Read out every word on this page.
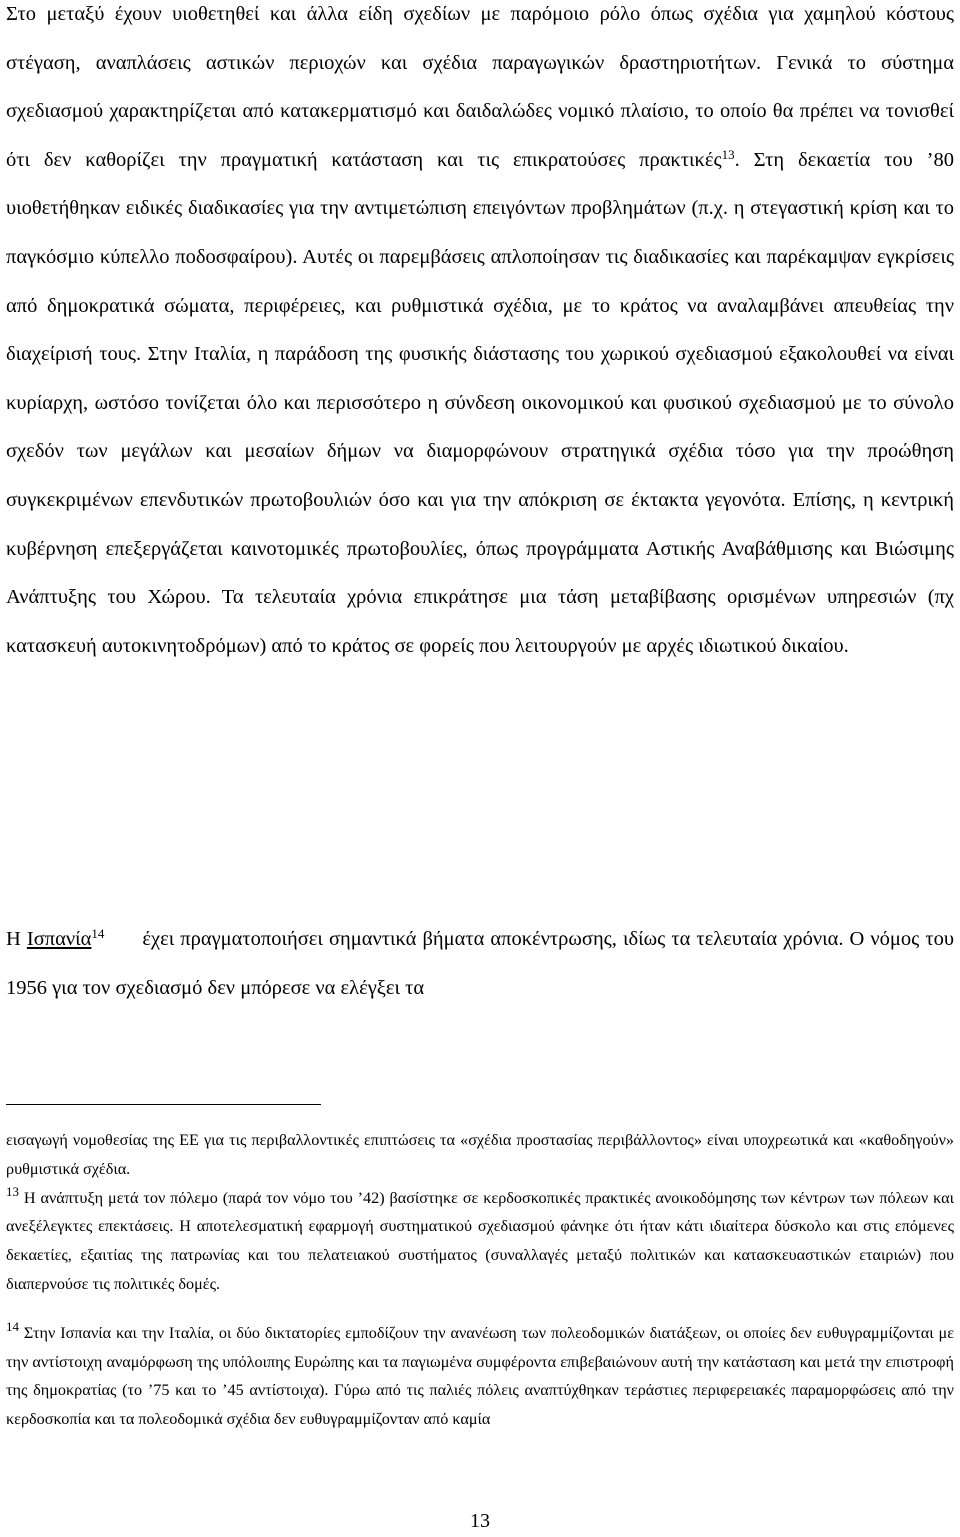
Στο μεταξύ έχουν υιοθετηθεί και άλλα είδη σχεδίων με παρόμοιο ρόλο όπως σχέδια για χαμηλού κόστους στέγαση, αναπλάσεις αστικών περιοχών και σχέδια παραγωγικών δραστηριοτήτων. Γενικά το σύστημα σχεδιασμού χαρακτηρίζεται από κατακερματισμό και δαιδαλώδες νομικό πλαίσιο, το οποίο θα πρέπει να τονισθεί ότι δεν καθορίζει την πραγματική κατάσταση και τις επικρατούσες πρακτικές$^{13}$. Στη δεκαετία του ’80 υιοθετήθηκαν ειδικές διαδικασίες για την αντιμετώπιση επειγόντων προβλημάτων (π.χ. η στεγαστική κρίση και το παγκόσμιο κύπελλο ποδοσφαίρου). Αυτές οι παρεμβάσεις απλοποίησαν τις διαδικασίες και παρέκαμψαν εγκρίσεις από δημοκρατικά σώματα, περιφέρειες, και ρυθμιστικά σχέδια, με το κράτος να αναλαμβάνει απευθείας την διαχείρισή τους. Στην Ιταλία, η παράδοση της φυσικής διάστασης του χωρικού σχεδιασμού εξακολουθεί να είναι κυρίαρχη, ωστόσο τονίζεται όλο και περισσότερο η σύνδεση οικονομικού και φυσικού σχεδιασμού με το σύνολο σχεδόν των μεγάλων και μεσαίων δήμων να διαμορφώνουν στρατηγικά σχέδια τόσο για την προώθηση συγκεκριμένων επενδυτικών πρωτοβουλιών όσο και για την απόκριση σε έκτακτα γεγονότα. Επίσης, η κεντρική κυβέρνηση επεξεργάζεται καινοτομικές πρωτοβουλίες, όπως προγράμματα Αστικής Αναβάθμισης και Βιώσιμης Ανάπτυξης του Χώρου. Τα τελευταία χρόνια επικράτησε μια τάση μεταβίβασης ορισμένων υπηρεσιών (πχ κατασκευή αυτοκινητοδρόμων) από το κράτος σε φορείς που λειτουργούν με αρχές ιδιωτικού δικαίου.

Η Ισπανία$^{14}$ έχει πραγματοποιήσει σημαντικά βήματα αποκέντρωσης, ιδίως τα τελευταία χρόνια. Ο νόμος του 1956 για τον σχεδιασμό δεν μπόρεσε να ελέγξει τα

εισαγωγή νομοθεσίας της ΕΕ για τις περιβαλλοντικές επιπτώσεις τα «σχέδια προστασίας περιβάλλοντος» είναι υποχρεωτικά και «καθοδηγούν» ρυθμιστικά σχέδια.

$^{13}$ Η ανάπτυξη μετά τον πόλεμο (παρά τον νόμο του ’42) βασίστηκε σε κερδοσκοπικές πρακτικές ανοικοδόμησης των κέντρων των πόλεων και ανεξέλεγκτες επεκτάσεις. Η αποτελεσματική εφαρμογή συστηματικού σχεδιασμού φάνηκε ότι ήταν κάτι ιδιαίτερα δύσκολο και στις επόμενες δεκαετίες, εξαιτίας της πατρωνίας και του πελατειακού συστήματος (συναλλαγές μεταξύ πολιτικών και κατασκευαστικών εταιριών) που διαπερνούσε τις πολιτικές δομές.

$^{14}$ Στην Ισπανία και την Ιταλία, οι δύο δικτατορίες εμποδίζουν την ανανέωση των πολεοδομικών διατάξεων, οι οποίες δεν ευθυγραμμίζονται με την αντίστοιχη αναμόρφωση της υπόλοιπης Ευρώπης και τα παγιωμένα συμφέροντα επιβεβαιώνουν αυτή την κατάσταση και μετά την επιστροφή της δημοκρατίας (το ’75 και το ’45 αντίστοιχα). Γύρω από τις παλιές πόλεις αναπτύχθηκαν τεράστιες περιφερειακές παραμορφώσεις από την κερδοσκοπία και τα πολεοδομικά σχέδια δεν ευθυγραμμίζονταν από καμία

13
